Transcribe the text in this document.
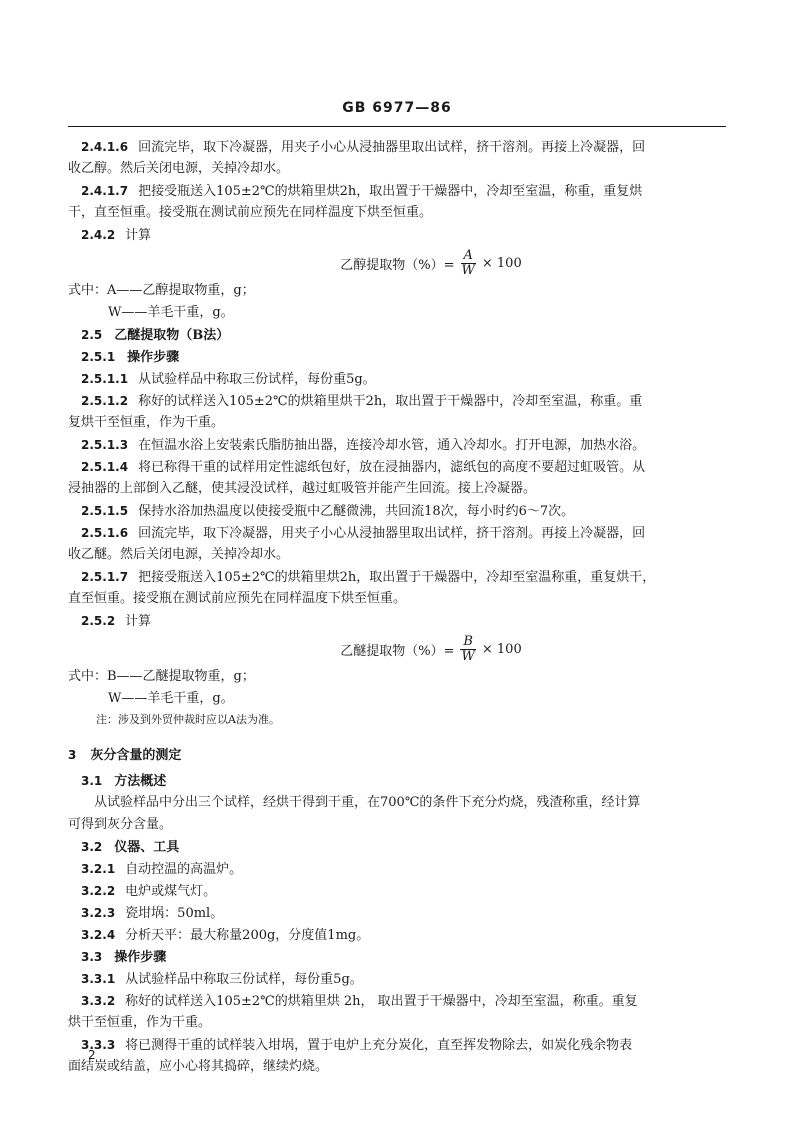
GB 6977—86
2.4.1.6 回流完毕，取下冷凝器，用夹子小心从浸抽器里取出试样，挤干溶剂。再接上冷凝器，回
收乙醇。然后关闭电源，关掉冷却水。
2.4.1.7 把接受瓶送入105±2℃的烘箱里烘2h，取出置于干燥器中，冷却至室温，称重，重复烘
干，直至恒重。接受瓶在测试前应预先在同样温度下烘至恒重。
2.4.2 计算
乙醇提取物（%）= $\frac{A}{W} \times 100$
式中：A——乙醇提取物重，g；
W——羊毛干重，g。
2.5 乙醚提取物（B法）
2.5.1 操作步骤
2.5.1.1 从试验样品中称取三份试样，每份重5g。
2.5.1.2 称好的试样送入105±2℃的烘箱里烘干2h，取出置于干燥器中，冷却至室温，称重。重
复烘干至恒重，作为干重。
2.5.1.3 在恒温水浴上安装索氏脂肪抽出器，连接冷却水管，通入冷却水。打开电源，加热水浴。
2.5.1.4 将已称得干重的试样用定性滤纸包好，放在浸抽器内，滤纸包的高度不要超过虹吸管。从
浸抽器的上部倒入乙醚，使其浸没试样，越过虹吸管并能产生回流。接上冷凝器。
2.5.1.5 保持水浴加热温度以使接受瓶中乙醚微沸，共回流18次，每小时约6～7次。
2.5.1.6 回流完毕，取下冷凝器，用夹子小心从浸抽器里取出试样，挤干溶剂。再接上冷凝器，回
收乙醚。然后关闭电源，关掉冷却水。
2.5.1.7 把接受瓶送入105±2℃的烘箱里烘2h，取出置于干燥器中，冷却至室温称重，重复烘干，
直至恒重。接受瓶在测试前应预先在同样温度下烘至恒重。
2.5.2 计算
乙醚提取物（%）= $\frac{B}{W} \times 100$
式中：B——乙醚提取物重，g；
W——羊毛干重，g。
注：涉及到外贸仲裁时应以A法为准。
3 灰分含量的测定
3.1 方法概述
从试验样品中分出三个试样，经烘干得到干重，在700℃的条件下充分灼烧，残渣称重，经计算
可得到灰分含量。
3.2 仪器、工具
3.2.1 自动控温的高温炉。
3.2.2 电炉或煤气灯。
3.2.3 瓷坩埚：50ml。
3.2.4 分析天平：最大称量200g，分度值1mg。
3.3 操作步骤
3.3.1 从试验样品中称取三份试样，每份重5g。
3.3.2 称好的试样送入105±2℃的烘箱里烘 2h， 取出置于干燥器中，冷却至室温，称重。重复
烘干至恒重，作为干重。
3.3.3 将已测得干重的试样装入坩埚，置于电炉上充分炭化，直至挥发物除去，如炭化残余物表
面结炭或结盖，应小心将其捣碎，继续灼烧。
2
